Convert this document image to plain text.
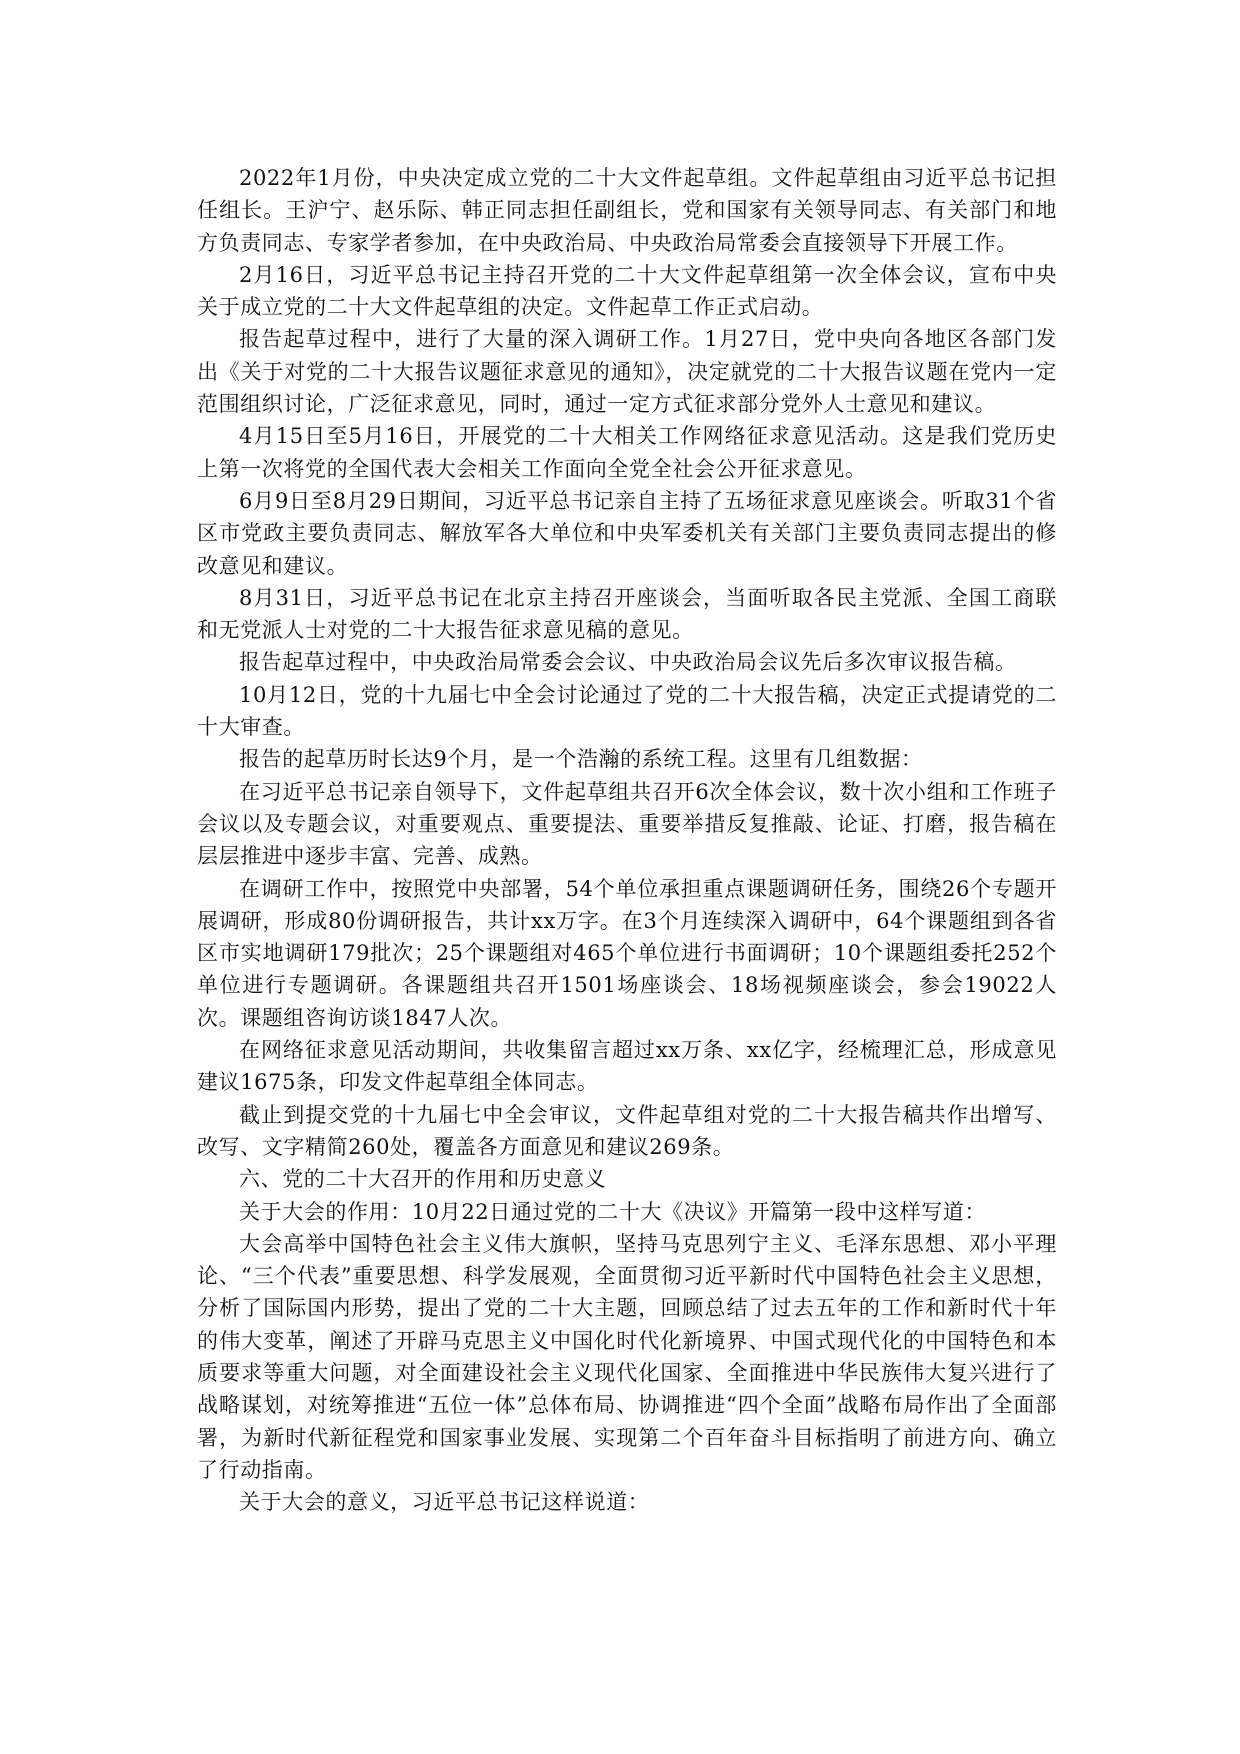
2022年1月份，中央决定成立党的二十大文件起草组。文件起草组由习近平总书记担任组长。王沪宁、赵乐际、韩正同志担任副组长，党和国家有关领导同志、有关部门和地方负责同志、专家学者参加，在中央政治局、中央政治局常委会直接领导下开展工作。

2月16日，习近平总书记主持召开党的二十大文件起草组第一次全体会议，宣布中央关于成立党的二十大文件起草组的决定。文件起草工作正式启动。

报告起草过程中，进行了大量的深入调研工作。1月27日，党中央向各地区各部门发出《关于对党的二十大报告议题征求意见的通知》，决定就党的二十大报告议题在党内一定范围组织讨论，广泛征求意见，同时，通过一定方式征求部分党外人士意见和建议。

4月15日至5月16日，开展党的二十大相关工作网络征求意见活动。这是我们党历史上第一次将党的全国代表大会相关工作面向全党全社会公开征求意见。

6月9日至8月29日期间，习近平总书记亲自主持了五场征求意见座谈会。听取31个省区市党政主要负责同志、解放军各大单位和中央军委机关有关部门主要负责同志提出的修改意见和建议。

8月31日，习近平总书记在北京主持召开座谈会，当面听取各民主党派、全国工商联和无党派人士对党的二十大报告征求意见稿的意见。

报告起草过程中，中央政治局常委会会议、中央政治局会议先后多次审议报告稿。

10月12日，党的十九届七中全会讨论通过了党的二十大报告稿，决定正式提请党的二十大审查。

报告的起草历时长达9个月，是一个浩瀚的系统工程。这里有几组数据：

在习近平总书记亲自领导下，文件起草组共召开6次全体会议，数十次小组和工作班子会议以及专题会议，对重要观点、重要提法、重要举措反复推敲、论证、打磨，报告稿在层层推进中逐步丰富、完善、成熟。

在调研工作中，按照党中央部署，54个单位承担重点课题调研任务，围绕26个专题开展调研，形成80份调研报告，共计xx万字。在3个月连续深入调研中，64个课题组到各省区市实地调研179批次；25个课题组对465个单位进行书面调研；10个课题组委托252个单位进行专题调研。各课题组共召开1501场座谈会、18场视频座谈会，参会19022人次。课题组咨询访谈1847人次。

在网络征求意见活动期间，共收集留言超过xx万条、xx亿字，经梳理汇总，形成意见建议1675条，印发文件起草组全体同志。

截止到提交党的十九届七中全会审议，文件起草组对党的二十大报告稿共作出增写、改写、文字精简260处，覆盖各方面意见和建议269条。

六、党的二十大召开的作用和历史意义

关于大会的作用：10月22日通过党的二十大《决议》开篇第一段中这样写道：

大会高举中国特色社会主义伟大旗帜，坚持马克思列宁主义、毛泽东思想、邓小平理论、“三个代表”重要思想、科学发展观，全面贯彻习近平新时代中国特色社会主义思想，分析了国际国内形势，提出了党的二十大主题，回顾总结了过去五年的工作和新时代十年的伟大变革，阐述了开辟马克思主义中国化时代化新境界、中国式现代化的中国特色和本质要求等重大问题，对全面建设社会主义现代化国家、全面推进中华民族伟大复兴进行了战略谋划，对统筹推进“五位一体”总体布局、协调推进“四个全面”战略布局作出了全面部署，为新时代新征程党和国家事业发展、实现第二个百年奋斗目标指明了前进方向、确立了行动指南。

关于大会的意义，习近平总书记这样说道：
